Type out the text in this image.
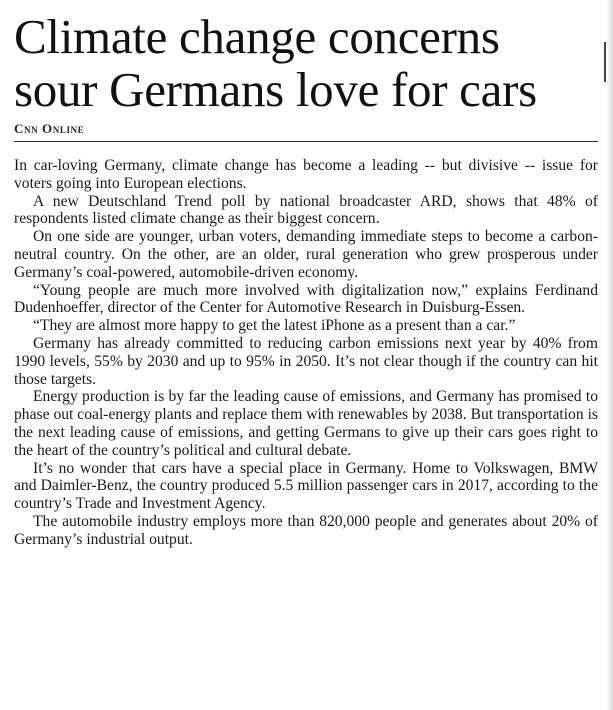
Climate change concerns
sour Germans love for cars
Cnn Online

In car-loving Germany, climate change has become a leading -- but divisive -- issue for voters going into European elections.

A new Deutschland Trend poll by national broadcaster ARD, shows that 48% of respondents listed climate change as their biggest concern.

On one side are younger, urban voters, demanding immediate steps to become a carbon-neutral country. On the other, are an older, rural generation who grew prosperous under Germany’s coal-powered, automobile-driven economy.

“Young people are much more involved with digitalization now,” explains Ferdinand Dudenhoeffer, director of the Center for Automotive Research in Duisburg-Essen.

“They are almost more happy to get the latest iPhone as a present than a car.”

Germany has already committed to reducing carbon emissions next year by 40% from 1990 levels, 55% by 2030 and up to 95% in 2050. It’s not clear though if the country can hit those targets.

Energy production is by far the leading cause of emissions, and Germany has promised to phase out coal-energy plants and replace them with renewables by 2038. But transportation is the next leading cause of emissions, and getting Germans to give up their cars goes right to the heart of the country’s political and cultural debate.

It’s no wonder that cars have a special place in Germany. Home to Volkswagen, BMW and Daimler-Benz, the country produced 5.5 million passenger cars in 2017, according to the country’s Trade and Investment Agency.

The automobile industry employs more than 820,000 people and generates about 20% of Germany’s industrial output.
